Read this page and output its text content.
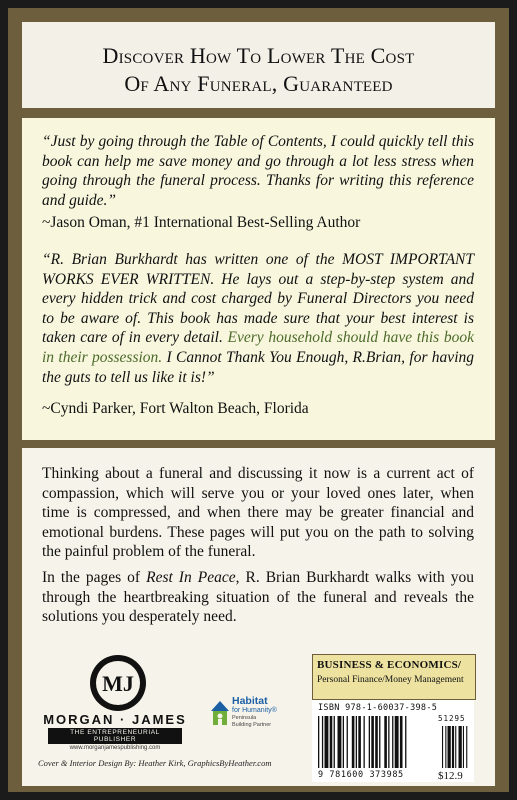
Discover How To Lower The Cost
Of Any Funeral, Guaranteed
“Just by going through the Table of Contents, I could quickly tell this book can help me save money and go through a lot less stress when going through the funeral process. Thanks for writing this reference and guide.”
~Jason Oman, #1 International Best-Selling Author
“R. Brian Burkhardt has written one of the MOST IMPORTANT WORKS EVER WRITTEN. He lays out a step-by-step system and every hidden trick and cost charged by Funeral Directors you need to be aware of. This book has made sure that your best interest is taken care of in every detail. Every household should have this book in their possession. I Cannot Thank You Enough, R.Brian, for having the guts to tell us like it is!”
~Cyndi Parker, Fort Walton Beach, Florida
Thinking about a funeral and discussing it now is a current act of compassion, which will serve you or your loved ones later, when time is compressed, and when there may be greater financial and emotional burdens. These pages will put you on the path to solving the painful problem of the funeral.
In the pages of Rest In Peace, R. Brian Burkhardt walks with you through the heartbreaking situation of the funeral and reveals the solutions you desperately need.
MJ
MORGAN · JAMES
THE ENTREPRENEURIAL PUBLISHER
www.morganjamespublishing.com
Habitat
for Humanity®
Peninsula
Building Partner
Cover & Interior Design By: Heather Kirk, GraphicsByHeather.com
BUSINESS & ECONOMICS/
Personal Finance/Money Management
ISBN 978-1-60037-398-5
51295
9 781600 373985	$12.9
